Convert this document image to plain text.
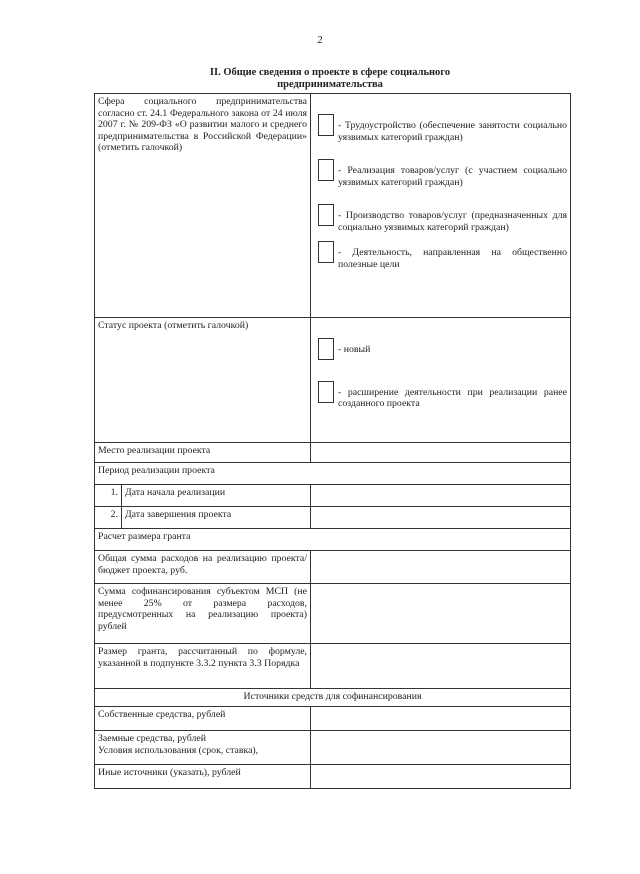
2
II. Общие сведения о проекте в сфере социального
предпринимательства
Сфера социального предпринимательства согласно ст. 24.1 Федерального закона от 24 июля 2007 г. № 209-ФЗ «О развитии малого и среднего предпринимательства в Российской Федерации» (отметить галочкой)		- Трудоустройство (обеспечение занятости социально уязвимых категорий граждан)
- Реализация товаров/услуг (с участием социально уязвимых категорий граждан)
- Производство товаров/услуг (предназначенных для социально уязвимых категорий граждан)
- Деятельность, направленная на общественно полезные цели

Статус проекта (отметить галочкой)		- новый
- расширение деятельности при реализации ранее созданного проекта

Место реализации проекта		
Период реализации проекта		
1.	Дата начала реализации	
2.	Дата завершения проекта	
Расчет размера гранта		
Общая сумма расходов на реализацию проекта/бюджет проекта, руб.		
Сумма софинансирования субъектом МСП (не менее 25% от размера расходов, предусмотренных на реализацию проекта) рублей		
Размер гранта, рассчитанный по формуле, указанной в подпункте 3.3.2 пункта 3.3 Порядка		
Источники средств для софинансирования		
Собственные средства, рублей		

Заемные средства, рублей
Условия использования (срок, ставка),		

Иные источники (указать), рублей		
